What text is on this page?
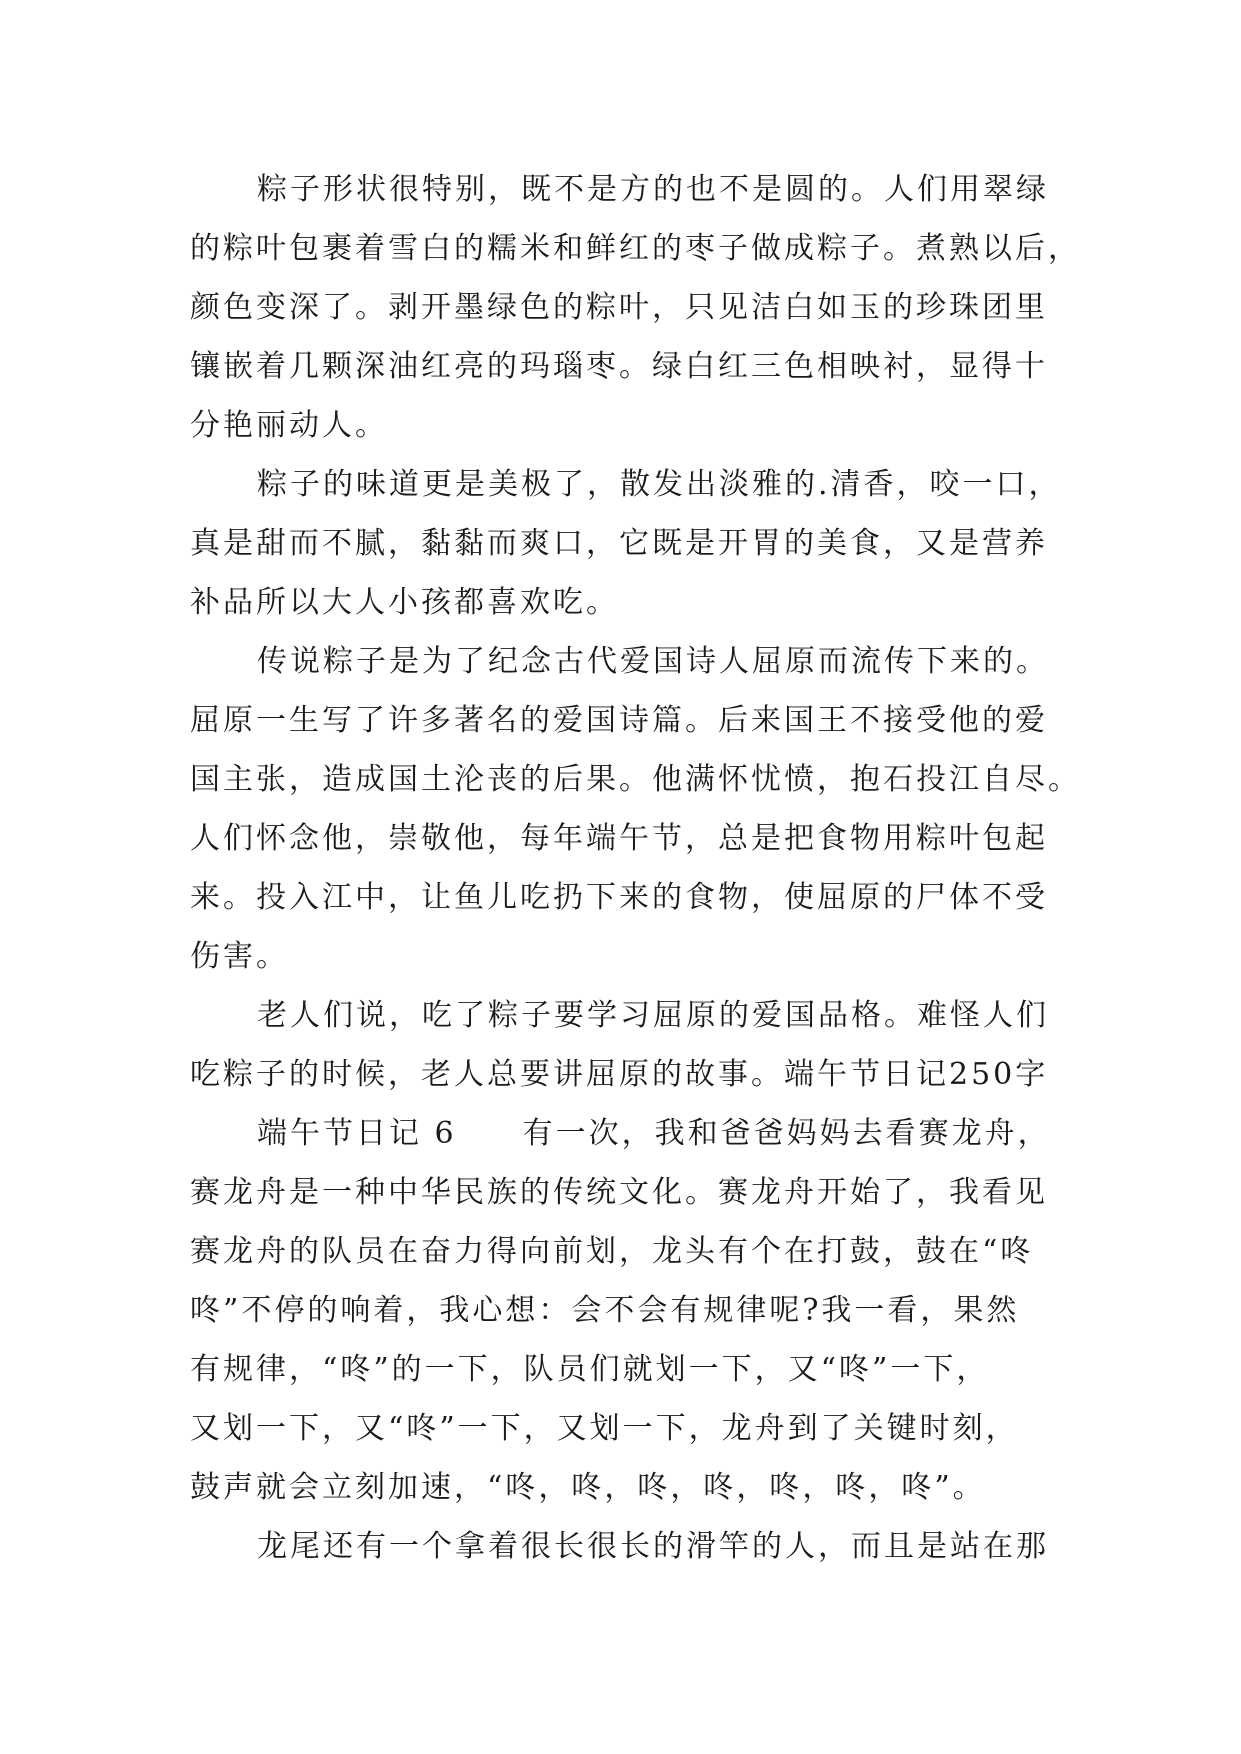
粽子形状很特别，既不是方的也不是圆的。人们用翠绿
的粽叶包裹着雪白的糯米和鲜红的枣子做成粽子。煮熟以后，
颜色变深了。剥开墨绿色的粽叶，只见洁白如玉的珍珠团里
镶嵌着几颗深油红亮的玛瑙枣。绿白红三色相映衬，显得十
分艳丽动人。
粽子的味道更是美极了，散发出淡雅的.清香，咬一口，
真是甜而不腻，黏黏而爽口，它既是开胃的美食，又是营养
补品所以大人小孩都喜欢吃。
传说粽子是为了纪念古代爱国诗人屈原而流传下来的。
屈原一生写了许多著名的爱国诗篇。后来国王不接受他的爱
国主张，造成国土沦丧的后果。他满怀忧愤，抱石投江自尽。
人们怀念他，崇敬他，每年端午节，总是把食物用粽叶包起
来。投入江中，让鱼儿吃扔下来的食物，使屈原的尸体不受
伤害。
老人们说，吃了粽子要学习屈原的爱国品格。难怪人们
吃粽子的时候，老人总要讲屈原的故事。端午节日记250字
端午节日记 6　　有一次，我和爸爸妈妈去看赛龙舟，
赛龙舟是一种中华民族的传统文化。赛龙舟开始了，我看见
赛龙舟的队员在奋力得向前划，龙头有个在打鼓，鼓在“咚
咚”不停的响着，我心想：会不会有规律呢?我一看，果然
有规律，“咚”的一下，队员们就划一下，又“咚”一下，
又划一下，又“咚”一下，又划一下，龙舟到了关键时刻，
鼓声就会立刻加速，“咚，咚，咚，咚，咚，咚，咚”。
龙尾还有一个拿着很长很长的滑竿的人，而且是站在那
